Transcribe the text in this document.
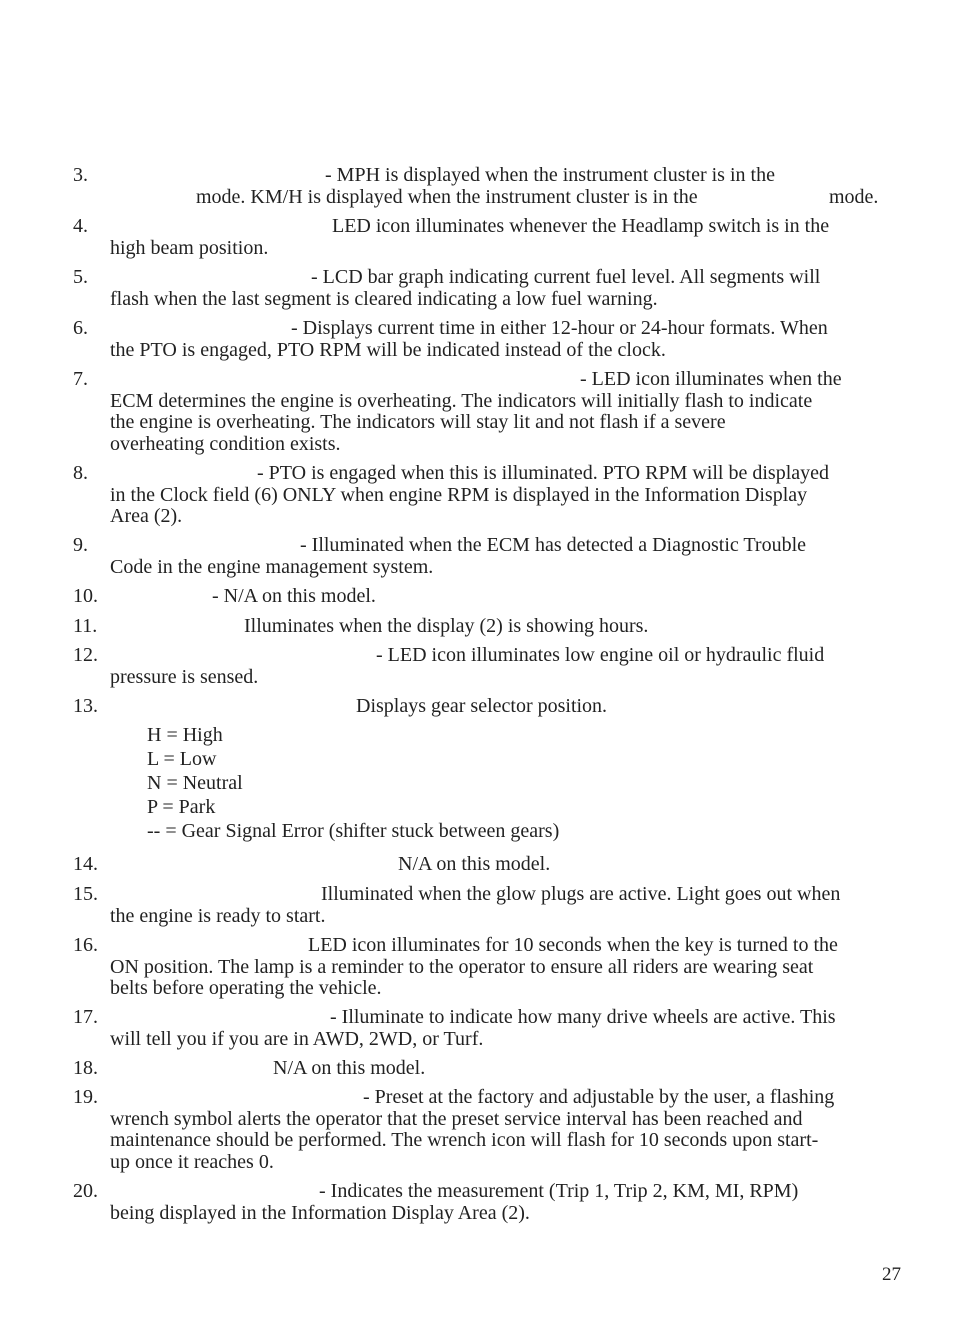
3.	- MPH is displayed when the instrument cluster is in the
mode. KM/H is displayed when the instrument cluster is in the	mode.
4.	LED icon illuminates whenever the Headlamp switch is in the
high beam position.
5.	- LCD bar graph indicating current fuel level. All segments will
flash when the last segment is cleared indicating a low fuel warning.
6.	- Displays current time in either 12-hour or 24-hour formats. When
the PTO is engaged, PTO RPM will be indicated instead of the clock.
7.	- LED icon illuminates when the
ECM determines the engine is overheating. The indicators will initially flash to indicate
the engine is overheating. The indicators will stay lit and not flash if a severe
overheating condition exists.
8.	- PTO is engaged when this is illuminated. PTO RPM will be displayed
in the Clock field (6) ONLY when engine RPM is displayed in the Information Display
Area (2).
9.	- Illuminated when the ECM has detected a Diagnostic Trouble
Code in the engine management system.
10.	- N/A on this model.
11.	Illuminates when the display (2) is showing hours.
12.	- LED icon illuminates low engine oil or hydraulic fluid
pressure is sensed.
13.	Displays gear selector position.
H = High
L = Low
N = Neutral
P = Park
-- = Gear Signal Error (shifter stuck between gears)
14.	N/A on this model.
15.	Illuminated when the glow plugs are active. Light goes out when
the engine is ready to start.
16.	LED icon illuminates for 10 seconds when the key is turned to the
ON position. The lamp is a reminder to the operator to ensure all riders are wearing seat
belts before operating the vehicle.
17.	- Illuminate to indicate how many drive wheels are active. This
will tell you if you are in AWD, 2WD, or Turf.
18.	N/A on this model.
19.	- Preset at the factory and adjustable by the user, a flashing
wrench symbol alerts the operator that the preset service interval has been reached and
maintenance should be performed. The wrench icon will flash for 10 seconds upon start-
up once it reaches 0.
20.	- Indicates the measurement (Trip 1, Trip 2, KM, MI, RPM)
being displayed in the Information Display Area (2).
27
